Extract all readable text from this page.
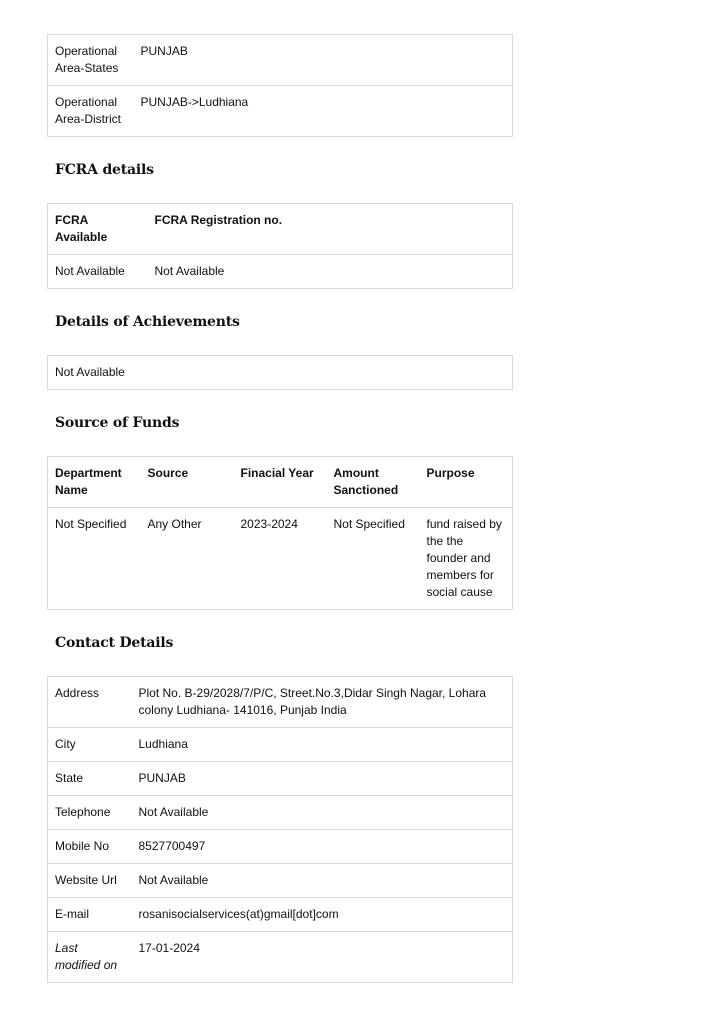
Operational Area-States	PUNJAB
Operational Area-District	PUNJAB->Ludhiana
FCRA details
FCRA Available	FCRA Registration no.
Not Available	Not Available
Details of Achievements
Not Available
Source of Funds
Department Name	Source	Finacial Year	Amount Sanctioned	Purpose
Not Specified	Any Other	2023-2024	Not Specified	fund raised by the the founder and members for social cause
Contact Details
Address	Plot No. B-29/2028/7/P/C, Street.No.3,Didar Singh Nagar, Lohara colony Ludhiana- 141016, Punjab India
City	Ludhiana
State	PUNJAB
Telephone	Not Available
Mobile No	8527700497
Website Url	Not Available
E-mail	rosanisocialservices(at)gmail[dot]com
Last modified on	17-01-2024
